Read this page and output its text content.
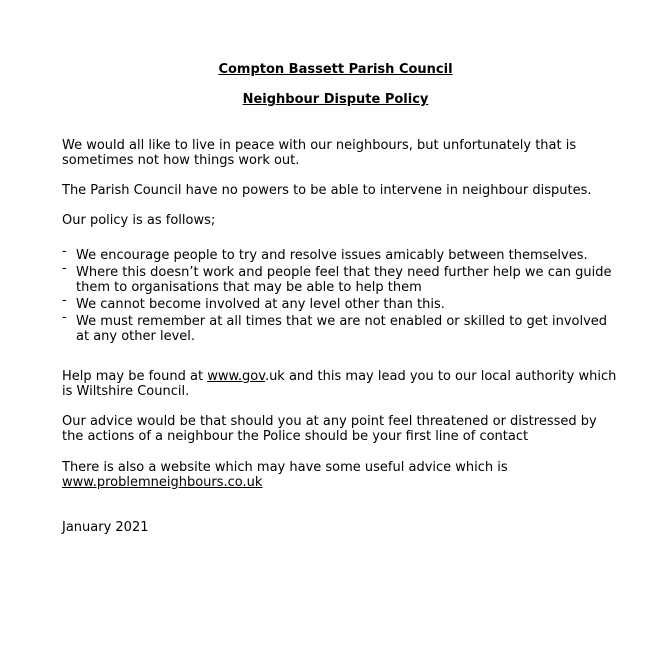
Compton Bassett Parish Council
Neighbour Dispute Policy
We would all like to live in peace with our neighbours, but unfortunately that is sometimes not how things work out.
The Parish Council have no powers to be able to intervene in neighbour disputes.
Our policy is as follows;
- We encourage people to try and resolve issues amicably between themselves.
- Where this doesn’t work and people feel that they need further help we can guide them to organisations that may be able to help them
- We cannot become involved at any level other than this.
- We must remember at all times that we are not enabled or skilled to get involved at any other level.
Help may be found at www.gov.uk and this may lead you to our local authority which is Wiltshire Council.
Our advice would be that should you at any point feel threatened or distressed by the actions of a neighbour the Police should be your first line of contact
There is also a website which may have some useful advice which is
www.problemneighbours.co.uk
January 2021
